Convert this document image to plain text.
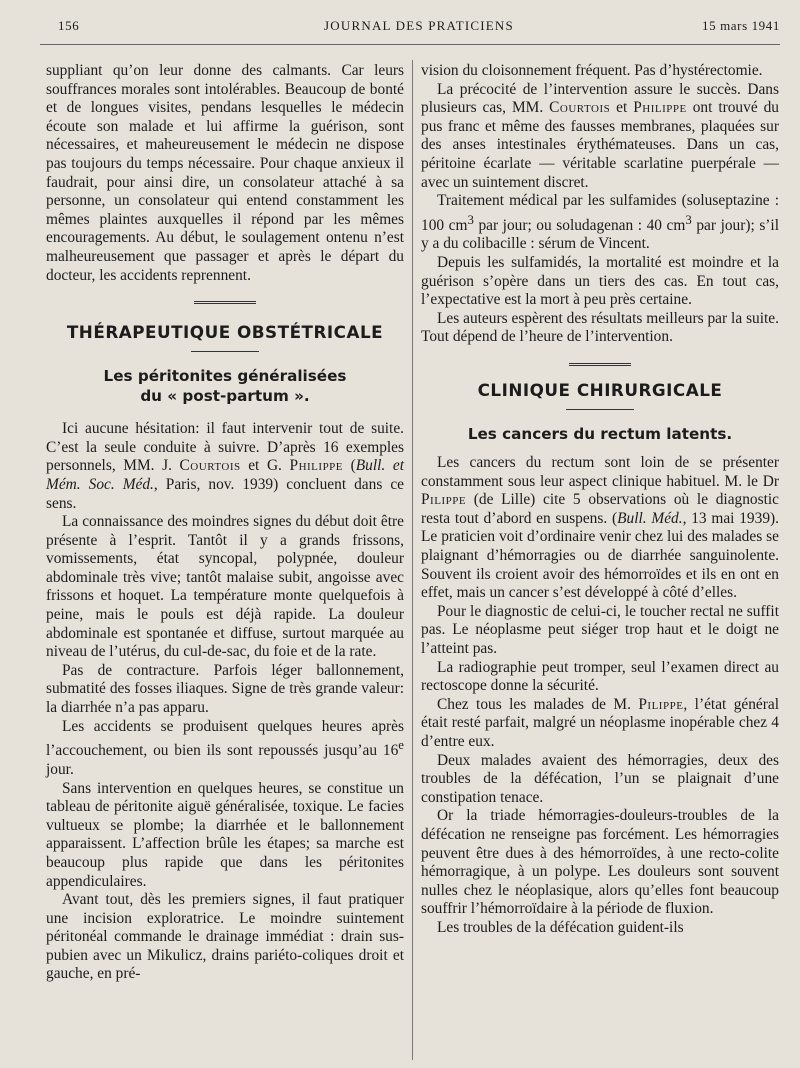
156	JOURNAL DES PRATICIENS	15 mars 1941

suppliant qu’on leur donne des calmants. Car leurs souffrances morales sont intolérables. Beaucoup de bonté et de longues visites, pendans lesquelles le médecin écoute son malade et lui affirme la guérison, sont nécessaires, et maheureusement le médecin ne dispose pas toujours du temps nécessaire. Pour chaque anxieux il faudrait, pour ainsi dire, un consolateur attaché à sa personne, un consolateur qui entend constamment les mêmes plaintes auxquelles il répond par les mêmes encouragements. Au début, le soulagement ontenu n’est malheureusement que passager et après le départ du docteur, les accidents reprennent.

THÉRAPEUTIQUE OBSTÉTRICALE
Les péritonites généralisées
du « post-partum ».

Ici aucune hésitation: il faut intervenir tout de suite. C’est la seule conduite à suivre. D’après 16 exemples personnels, MM. J. Courtois et G. Philippe (Bull. et Mém. Soc. Méd., Paris, nov. 1939) concluent dans ce sens.

La connaissance des moindres signes du début doit être présente à l’esprit. Tantôt il y a grands frissons, vomissements, état syncopal, polypnée, douleur abdominale très vive; tantôt malaise subit, angoisse avec frissons et hoquet. La température monte quelquefois à peine, mais le pouls est déjà rapide. La douleur abdominale est spontanée et diffuse, surtout marquée au niveau de l’utérus, du cul-de-sac, du foie et de la rate.

Pas de contracture. Parfois léger ballonnement, submatité des fosses iliaques. Signe de très grande valeur: la diarrhée n’a pas apparu.

Les accidents se produisent quelques heures après l’accouchement, ou bien ils sont repoussés jusqu’au 16e jour.

Sans intervention en quelques heures, se constitue un tableau de péritonite aiguë généralisée, toxique. Le facies vultueux se plombe; la diarrhée et le ballonnement apparaissent. L’affection brûle les étapes; sa marche est beaucoup plus rapide que dans les péritonites appendiculaires.

Avant tout, dès les premiers signes, il faut pratiquer une incision exploratrice. Le moindre suintement péritonéal commande le drainage immédiat : drain sus-pubien avec un Mikulicz, drains pariéto-coliques droit et gauche, en pré-

vision du cloisonnement fréquent. Pas d’hystérectomie.

La précocité de l’intervention assure le succès. Dans plusieurs cas, MM. Courtois et Philippe ont trouvé du pus franc et même des fausses membranes, plaquées sur des anses intestinales érythémateuses. Dans un cas, péritoine écarlate — véritable scarlatine puerpérale — avec un suintement discret.

Traitement médical par les sulfamides (soluseptazine : 100 $cm^3$ par jour; ou soludagenan : 40 $cm^3$ par jour); s’il y a du colibacille : sérum de Vincent.

Depuis les sulfamidés, la mortalité est moindre et la guérison s’opère dans un tiers des cas. En tout cas, l’expectative est la mort à peu près certaine.

Les auteurs espèrent des résultats meilleurs par la suite. Tout dépend de l’heure de l’intervention.

CLINIQUE CHIRURGICALE
Les cancers du rectum latents.

Les cancers du rectum sont loin de se présenter constamment sous leur aspect clinique habituel. M. le Dr Pilippe (de Lille) cite 5 observations où le diagnostic resta tout d’abord en suspens. (Bull. Méd., 13 mai 1939). Le praticien voit d’ordinaire venir chez lui des malades se plaignant d’hémorragies ou de diarrhée sanguinolente. Souvent ils croient avoir des hémorroïdes et ils en ont en effet, mais un cancer s’est développé à côté d’elles.

Pour le diagnostic de celui-ci, le toucher rectal ne suffit pas. Le néoplasme peut siéger trop haut et le doigt ne l’atteint pas.

La radiographie peut tromper, seul l’examen direct au rectoscope donne la sécurité.

Chez tous les malades de M. Pilippe, l’état général était resté parfait, malgré un néoplasme inopérable chez 4 d’entre eux.

Deux malades avaient des hémorragies, deux des troubles de la défécation, l’un se plaignait d’une constipation tenace.

Or la triade hémorragies-douleurs-troubles de la défécation ne renseigne pas forcément. Les hémorragies peuvent être dues à des hémorroïdes, à une recto-colite hémorragique, à un polype. Les douleurs sont souvent nulles chez le néoplasique, alors qu’elles font beaucoup souffrir l’hémorroïdaire à la période de fluxion.

Les troubles de la défécation guident-ils
